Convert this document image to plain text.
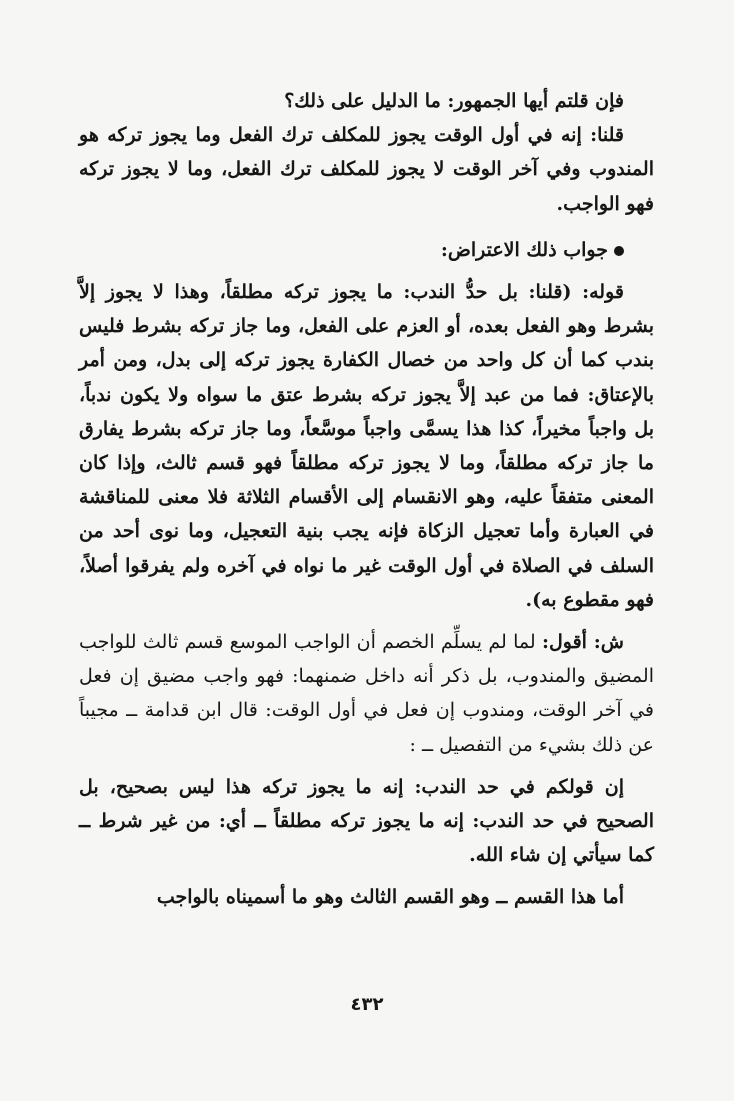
فإن قلتم أيها الجمهور: ما الدليل على ذلك؟

قلنا: إنه في أول الوقت يجوز للمكلف ترك الفعل وما يجوز تركه هو المندوب وفي آخر الوقت لا يجوز للمكلف ترك الفعل، وما لا يجوز تركه فهو الواجب.

جواب ذلك الاعتراض:

قوله: (قلنا: بل حدُّ الندب: ما يجوز تركه مطلقاً، وهذا لا يجوز إلاَّ بشرط وهو الفعل بعده، أو العزم على الفعل، وما جاز تركه بشرط فليس بندب كما أن كل واحد من خصال الكفارة يجوز تركه إلى بدل، ومن أمر بالإعتاق: فما من عبد إلاَّ يجوز تركه بشرط عتق ما سواه ولا يكون ندباً، بل واجباً مخيراً، كذا هذا يسمَّى واجباً موسَّعاً، وما جاز تركه بشرط يفارق ما جاز تركه مطلقاً، وما لا يجوز تركه مطلقاً فهو قسم ثالث، وإذا كان المعنى متفقاً عليه، وهو الانقسام إلى الأقسام الثلاثة فلا معنى للمناقشة في العبارة وأما تعجيل الزكاة فإنه يجب بنية التعجيل، وما نوى أحد من السلف في الصلاة في أول الوقت غير ما نواه في آخره ولم يفرقوا أصلاً، فهو مقطوع به).

ش: أقول: لما لم يسلِّم الخصم أن الواجب الموسع قسم ثالث للواجب المضيق والمندوب، بل ذكر أنه داخل ضمنهما: فهو واجب مضيق إن فعل في آخر الوقت، ومندوب إن فعل في أول الوقت: قال ابن قدامة ــ مجيباً عن ذلك بشيء من التفصيل ــ :

إن قولكم في حد الندب: إنه ما يجوز تركه هذا ليس بصحيح، بل الصحيح في حد الندب: إنه ما يجوز تركه مطلقاً ــ أي: من غير شرط ــ كما سيأتي إن شاء الله.

أما هذا القسم ــ وهو القسم الثالث وهو ما أسميناه بالواجب

٤٣٢
